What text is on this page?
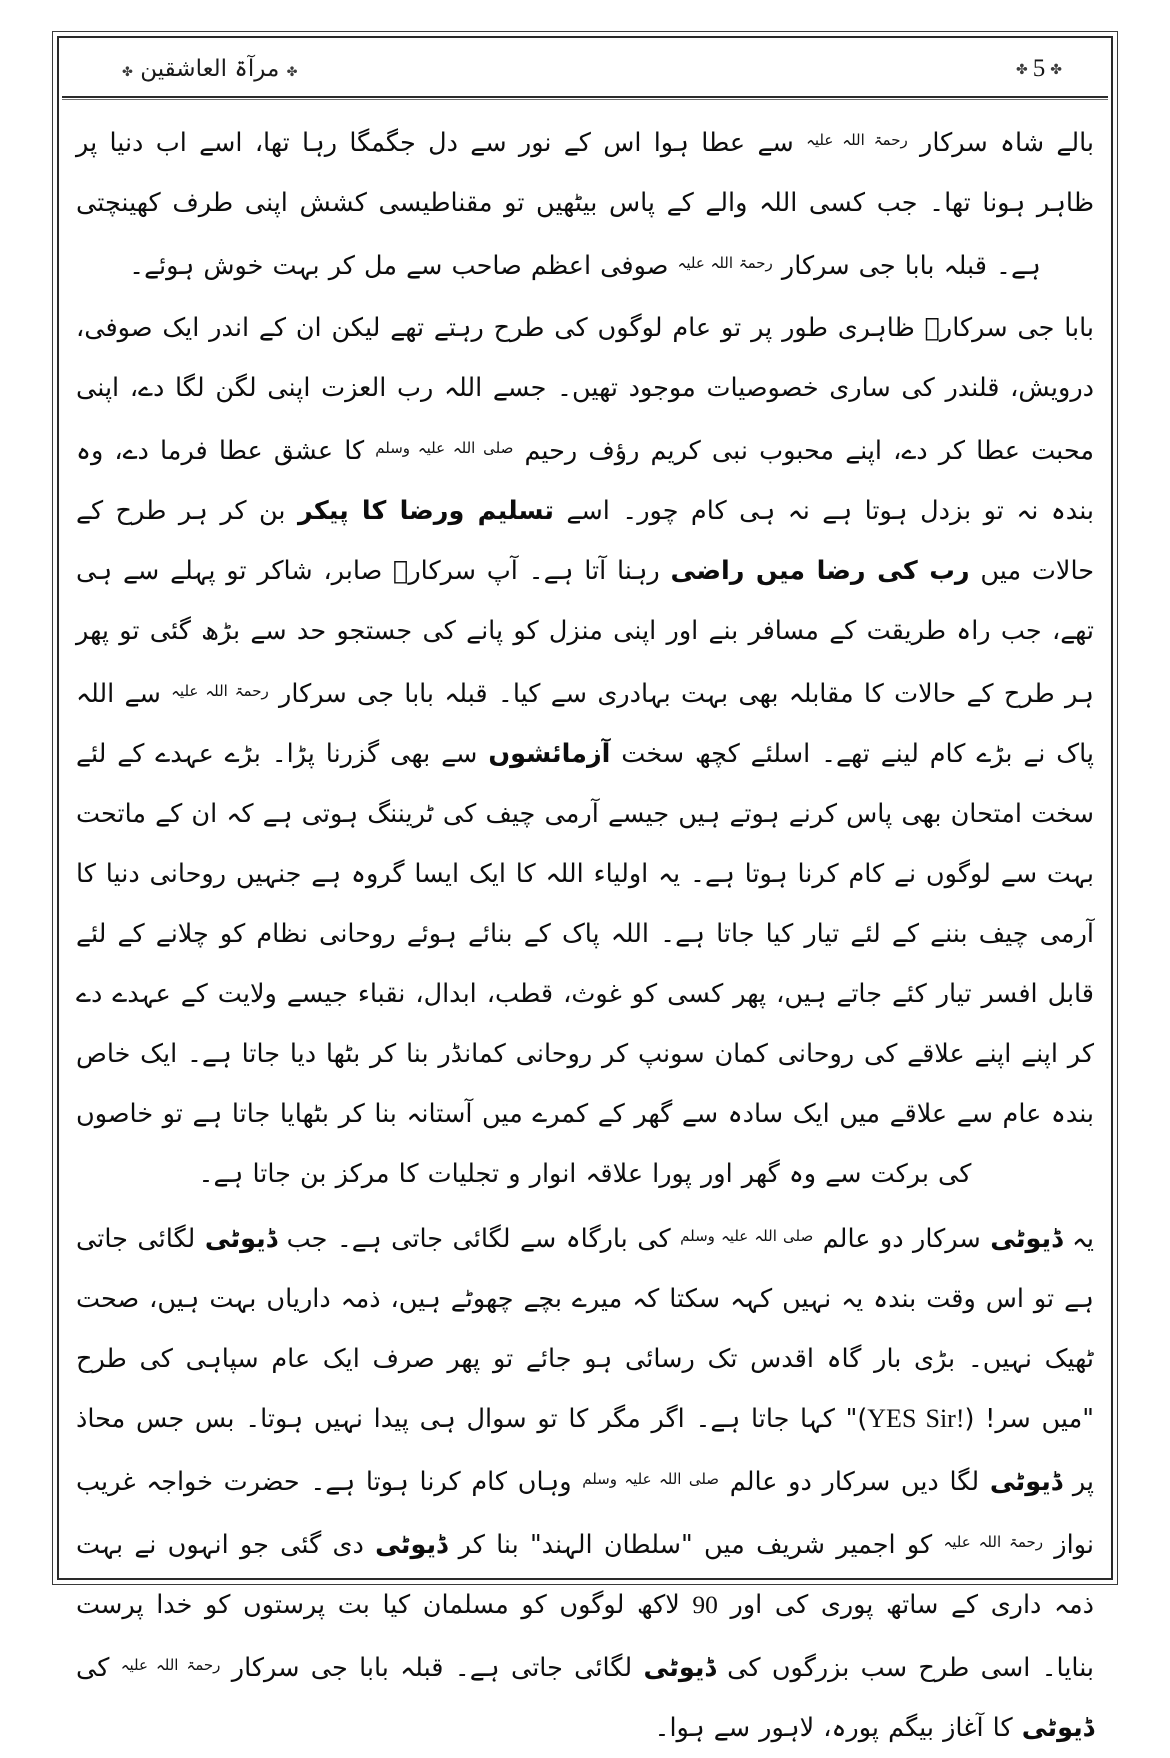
✤ مرآۃ العاشقین ✤	✤ 5 ✤

بالے شاہ سرکار $^{رحمۃ اللہ علیہ}$ سے عطا ہوا اس کے نور سے دل جگمگا رہا تھا، اسے اب دنیا پر ظاہر ہونا تھا۔ جب کسی اللہ والے کے پاس بیٹھیں تو مقناطیسی کشش اپنی طرف کھینچتی ہے۔ قبلہ بابا جی سرکار $^{رحمۃ اللہ علیہ}$ صوفی اعظم صاحب سے مل کر بہت خوش ہوئے۔

بابا جی سرکارؒ ظاہری طور پر تو عام لوگوں کی طرح رہتے تھے لیکن ان کے اندر ایک صوفی، درویش، قلندر کی ساری خصوصیات موجود تھیں۔ جسے اللہ رب العزت اپنی لگن لگا دے، اپنی محبت عطا کر دے، اپنے محبوب نبی کریم رؤف رحیم $^{صلی اللہ علیہ وسلم}$ کا عشق عطا فرما دے، وہ بندہ نہ تو بزدل ہوتا ہے نہ ہی کام چور۔ اسے تسلیم ورضا کا پیکر بن کر ہر طرح کے حالات میں رب کی رضا میں راضی رہنا آتا ہے۔ آپ سرکارؒ صابر، شاکر تو پہلے سے ہی تھے، جب راہ طریقت کے مسافر بنے اور اپنی منزل کو پانے کی جستجو حد سے بڑھ گئی تو پھر ہر طرح کے حالات کا مقابلہ بھی بہت بہادری سے کیا۔ قبلہ بابا جی سرکار $^{رحمۃ اللہ علیہ}$ سے اللہ پاک نے بڑے کام لینے تھے۔ اسلئے کچھ سخت آزمائشوں سے بھی گزرنا پڑا۔ بڑے عہدے کے لئے سخت امتحان بھی پاس کرنے ہوتے ہیں جیسے آرمی چیف کی ٹریننگ ہوتی ہے کہ ان کے ماتحت بہت سے لوگوں نے کام کرنا ہوتا ہے۔ یہ اولیاء اللہ کا ایک ایسا گروہ ہے جنہیں روحانی دنیا کا آرمی چیف بننے کے لئے تیار کیا جاتا ہے۔ اللہ پاک کے بنائے ہوئے روحانی نظام کو چلانے کے لئے قابل افسر تیار کئے جاتے ہیں، پھر کسی کو غوث، قطب، ابدال، نقباء جیسے ولایت کے عہدے دے کر اپنے اپنے علاقے کی روحانی کمان سونپ کر روحانی کمانڈر بنا کر بٹھا دیا جاتا ہے۔ ایک خاص بندہ عام سے علاقے میں ایک سادہ سے گھر کے کمرے میں آستانہ بنا کر بٹھایا جاتا ہے تو خاصوں کی برکت سے وہ گھر اور پورا علاقہ انوار و تجلیات کا مرکز بن جاتا ہے۔

یہ ڈیوٹی سرکار دو عالم $^{صلی اللہ علیہ وسلم}$ کی بارگاہ سے لگائی جاتی ہے۔ جب ڈیوٹی لگائی جاتی ہے تو اس وقت بندہ یہ نہیں کہہ سکتا کہ میرے بچے چھوٹے ہیں، ذمہ داریاں بہت ہیں، صحت ٹھیک نہیں۔ بڑی بار گاہ اقدس تک رسائی ہو جائے تو پھر صرف ایک عام سپاہی کی طرح "میں سر! (YES Sir!)" کہا جاتا ہے۔ اگر مگر کا تو سوال ہی پیدا نہیں ہوتا۔ بس جس محاذ پر ڈیوٹی لگا دیں سرکار دو عالم $^{صلی اللہ علیہ وسلم}$ وہاں کام کرنا ہوتا ہے۔ حضرت خواجہ غریب نواز $^{رحمۃ اللہ علیہ}$ کو اجمیر شریف میں "سلطان الہند" بنا کر ڈیوٹی دی گئی جو انہوں نے بہت ذمہ داری کے ساتھ پوری کی اور 90 لاکھ لوگوں کو مسلمان کیا بت پرستوں کو خدا پرست بنایا۔ اسی طرح سب بزرگوں کی ڈیوٹی لگائی جاتی ہے۔ قبلہ بابا جی سرکار $^{رحمۃ اللہ علیہ}$ کی ڈیوٹی کا آغاز بیگم پورہ، لاہور سے ہوا۔
